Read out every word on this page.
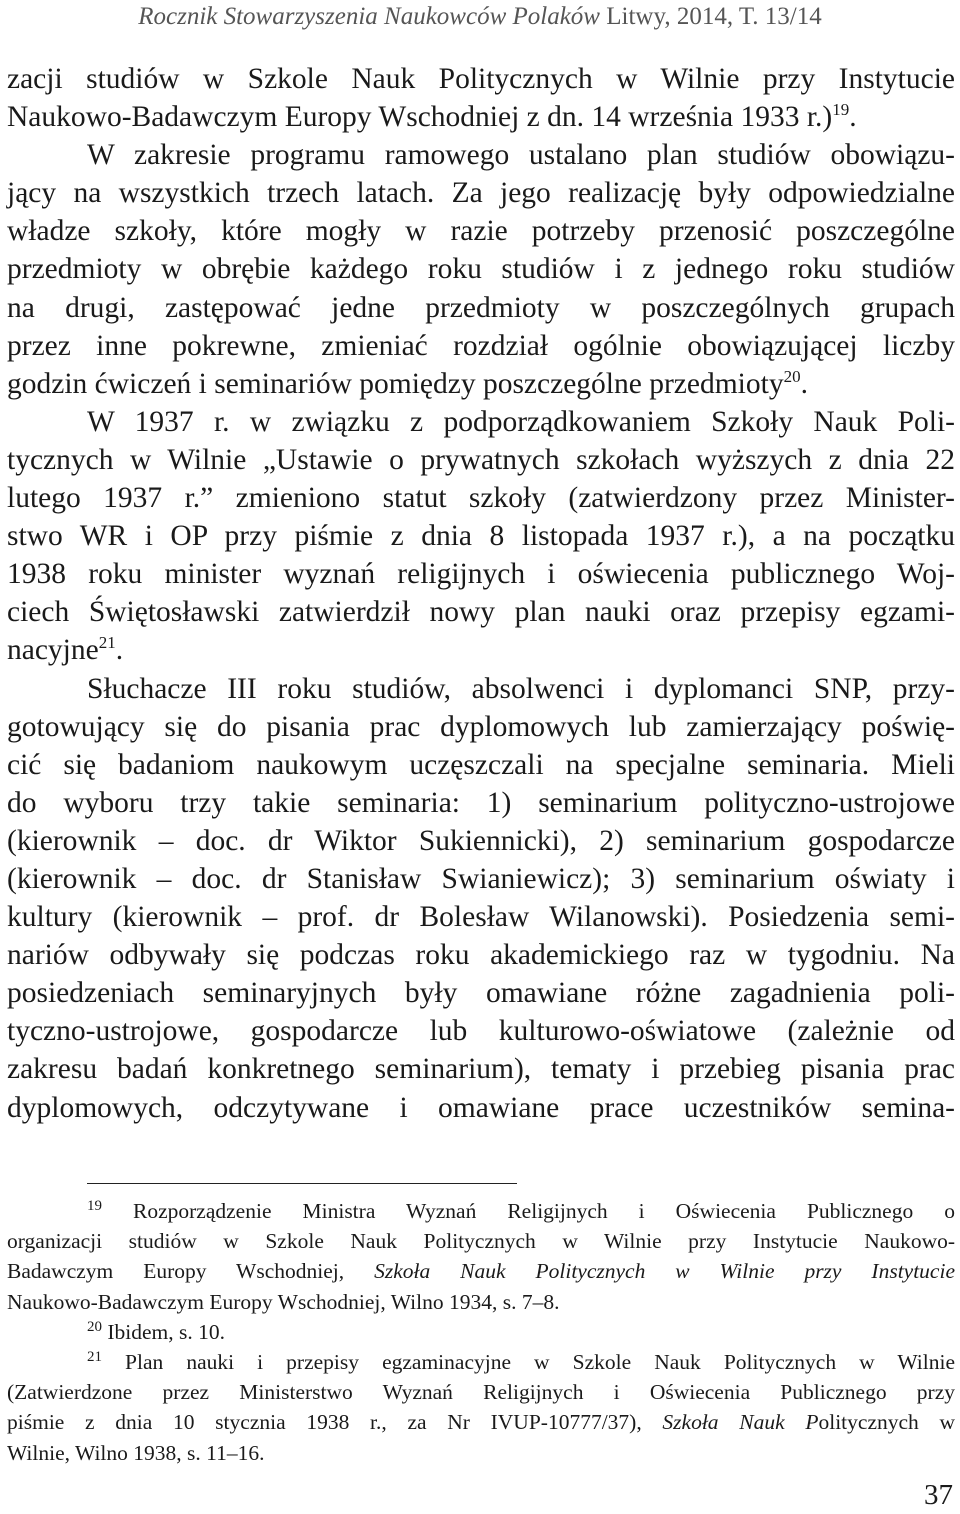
Rocznik Stowarzyszenia Naukowców Polaków Litwy, 2014, T. 13/14
zacji studiów w Szkole Nauk Politycznych w Wilnie przy Instytucie
Naukowo-Badawczym Europy Wschodniej z dn. 14 września 1933 r.)$^{19}$.
W zakresie programu ramowego ustalano plan studiów obowiązu-
jący na wszystkich trzech latach. Za jego realizację były odpowiedzialne
władze szkoły, które mogły w razie potrzeby przenosić poszczególne
przedmioty w obrębie każdego roku studiów i z jednego roku studiów
na drugi, zastępować jedne przedmioty w poszczególnych grupach
przez inne pokrewne, zmieniać rozdział ogólnie obowiązującej liczby
godzin ćwiczeń i seminariów pomiędzy poszczególne przedmioty$^{20}$.
W 1937 r. w związku z podporządkowaniem Szkoły Nauk Poli-
tycznych w Wilnie „Ustawie o prywatnych szkołach wyższych z dnia 22
lutego 1937 r.” zmieniono statut szkoły (zatwierdzony przez Minister-
stwo WR i OP przy piśmie z dnia 8 listopada 1937 r.), a na początku
1938 roku minister wyznań religijnych i oświecenia publicznego Woj-
ciech Świętosławski zatwierdził nowy plan nauki oraz przepisy egzami-
nacyjne$^{21}$.
Słuchacze III roku studiów, absolwenci i dyplomanci SNP, przy-
gotowujący się do pisania prac dyplomowych lub zamierzający poświę-
cić się badaniom naukowym uczęszczali na specjalne seminaria. Mieli
do wyboru trzy takie seminaria: 1) seminarium polityczno-ustrojowe
(kierownik – doc. dr Wiktor Sukiennicki), 2) seminarium gospodarcze
(kierownik – doc. dr Stanisław Swianiewicz); 3) seminarium oświaty i
kultury (kierownik – prof. dr Bolesław Wilanowski). Posiedzenia semi-
nariów odbywały się podczas roku akademickiego raz w tygodniu. Na
posiedzeniach seminaryjnych były omawiane różne zagadnienia poli-
tyczno-ustrojowe, gospodarcze lub kulturowo-oświatowe (zależnie od
zakresu badań konkretnego seminarium), tematy i przebieg pisania prac
dyplomowych, odczytywane i omawiane prace uczestników semina-
$^{19}$ Rozporządzenie Ministra Wyznań Religijnych i Oświecenia Publicznego o
organizacji studiów w Szkole Nauk Politycznych w Wilnie przy Instytucie Naukowo-
Badawczym Europy Wschodniej, Szkoła Nauk Politycznych w Wilnie przy Instytucie
Naukowo-Badawczym Europy Wschodniej, Wilno 1934, s. 7–8.
$^{20}$ Ibidem, s. 10.
$^{21}$ Plan nauki i przepisy egzaminacyjne w Szkole Nauk Politycznych w Wilnie
(Zatwierdzone przez Ministerstwo Wyznań Religijnych i Oświecenia Publicznego przy
piśmie z dnia 10 stycznia 1938 r., za Nr IVUP-10777/37), Szkoła Nauk Politycznych w
Wilnie, Wilno 1938, s. 11–16.
37
